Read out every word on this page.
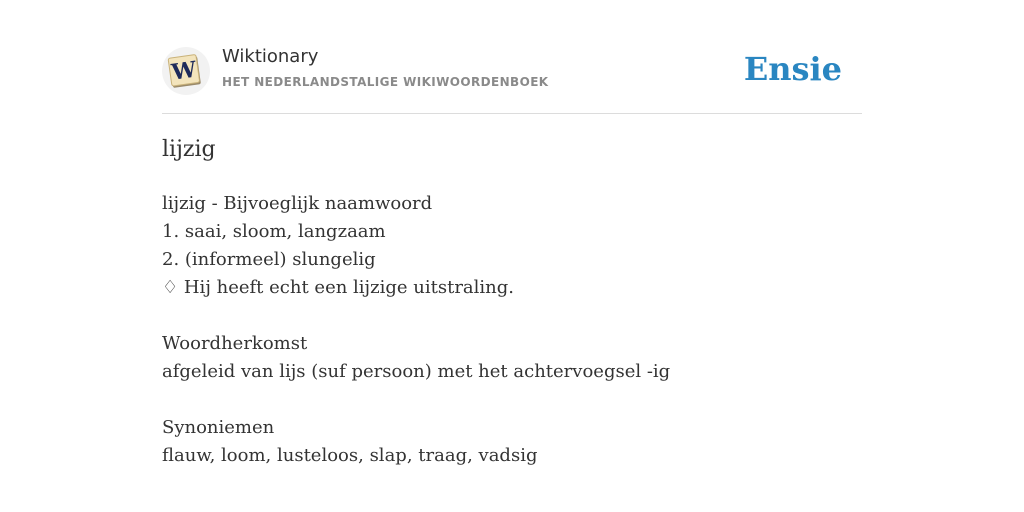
W
Wiktionary
HET NEDERLANDSTALIGE WIKIWOORDENBOEK	Ensie
lijzig
lijzig - Bijvoeglijk naamwoord
1. saai, sloom, langzaam
2. (informeel) slungelig
♢ Hij heeft echt een lijzige uitstraling.
Woordherkomst
afgeleid van lijs (suf persoon) met het achtervoegsel -ig
Synoniemen
flauw, loom, lusteloos, slap, traag, vadsig
